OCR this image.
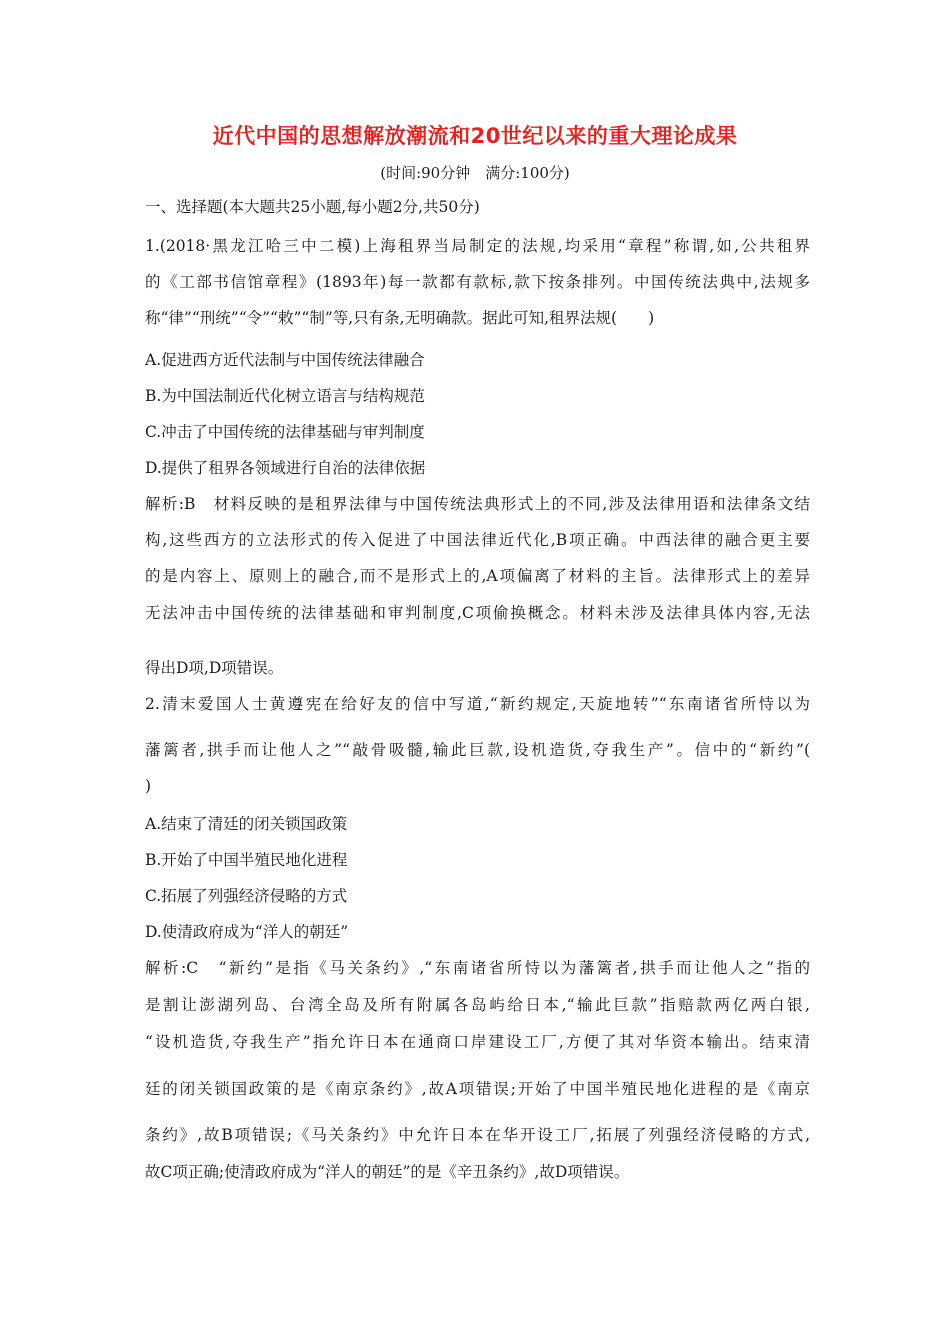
近代中国的思想解放潮流和20世纪以来的重大理论成果
(时间:90分钟　满分:100分)
一、选择题(本大题共25小题,每小题2分,共50分)
1.(2018·黑龙江哈三中二模)上海租界当局制定的法规,均采用“章程”称谓,如,公共租界
的《工部书信馆章程》(1893年)每一款都有款标,款下按条排列。中国传统法典中,法规多
称“律”“刑统”“令”“敕”“制”等,只有条,无明确款。据此可知,租界法规(　　)
A.促进西方近代法制与中国传统法律融合
B.为中国法制近代化树立语言与结构规范
C.冲击了中国传统的法律基础与审判制度
D.提供了租界各领域进行自治的法律依据
解析:B　材料反映的是租界法律与中国传统法典形式上的不同,涉及法律用语和法律条文结
构,这些西方的立法形式的传入促进了中国法律近代化,B项正确。中西法律的融合更主要
的是内容上、原则上的融合,而不是形式上的,A项偏离了材料的主旨。法律形式上的差异
无法冲击中国传统的法律基础和审判制度,C项偷换概念。材料未涉及法律具体内容,无法
得出D项,D项错误。
2.清末爱国人士黄遵宪在给好友的信中写道,“新约规定,天旋地转”“东南诸省所恃以为
藩篱者,拱手而让他人之”“敲骨吸髓,输此巨款,设机造货,夺我生产”。信中的“新约”(
)
A.结束了清廷的闭关锁国政策
B.开始了中国半殖民地化进程
C.拓展了列强经济侵略的方式
D.使清政府成为“洋人的朝廷”
解析:C　“新约”是指《马关条约》,“东南诸省所恃以为藩篱者,拱手而让他人之”指的
是割让澎湖列岛、台湾全岛及所有附属各岛屿给日本,“输此巨款”指赔款两亿两白银,
“设机造货,夺我生产”指允许日本在通商口岸建设工厂,方便了其对华资本输出。结束清
廷的闭关锁国政策的是《南京条约》,故A项错误;开始了中国半殖民地化进程的是《南京
条约》,故B项错误;《马关条约》中允许日本在华开设工厂,拓展了列强经济侵略的方式,
故C项正确;使清政府成为“洋人的朝廷”的是《辛丑条约》,故D项错误。
